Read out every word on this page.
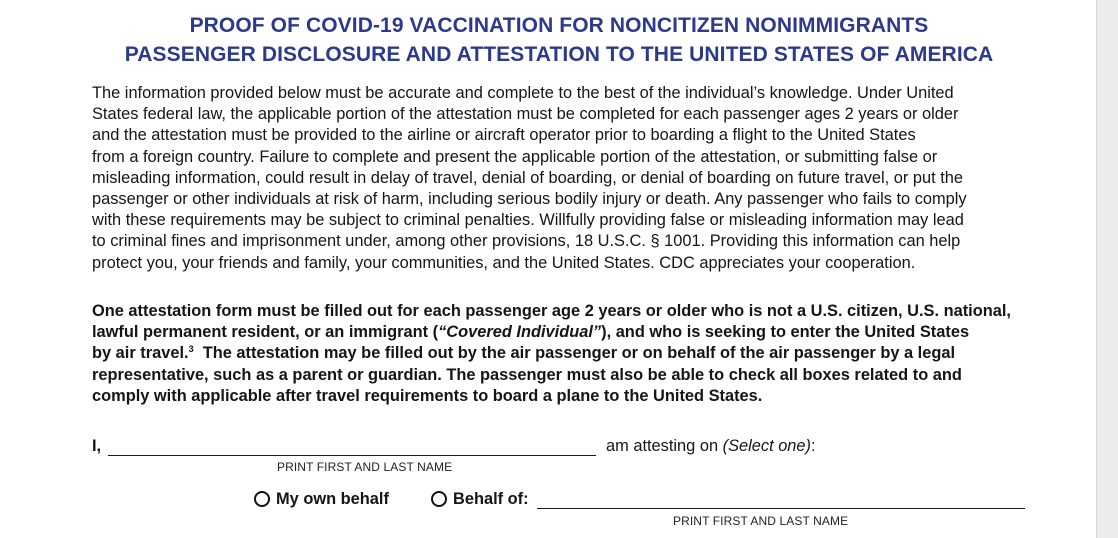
PROOF OF COVID-19 VACCINATION FOR NONCITIZEN NONIMMIGRANTS
PASSENGER DISCLOSURE AND ATTESTATION TO THE UNITED STATES OF AMERICA
The information provided below must be accurate and complete to the best of the individual’s knowledge. Under United
States federal law, the applicable portion of the attestation must be completed for each passenger ages 2 years or older
and the attestation must be provided to the airline or aircraft operator prior to boarding a flight to the United States
from a foreign country. Failure to complete and present the applicable portion of the attestation, or submitting false or
misleading information, could result in delay of travel, denial of boarding, or denial of boarding on future travel, or put the
passenger or other individuals at risk of harm, including serious bodily injury or death. Any passenger who fails to comply
with these requirements may be subject to criminal penalties. Willfully providing false or misleading information may lead
to criminal fines and imprisonment under, among other provisions, 18 U.S.C. § 1001. Providing this information can help
protect you, your friends and family, your communities, and the United States. CDC appreciates your cooperation.
One attestation form must be filled out for each passenger age 2 years or older who is not a U.S. citizen, U.S. national,
lawful permanent resident, or an immigrant (“Covered Individual”), and who is seeking to enter the United States
by air travel.$^3$  The attestation may be filled out by the air passenger or on behalf of the air passenger by a legal
representative, such as a parent or guardian. The passenger must also be able to check all boxes related to and
comply with applicable after travel requirements to board a plane to the United States.
I,	am attesting on (Select one):
PRINT FIRST AND LAST NAME
My own behalf	Behalf of:
PRINT FIRST AND LAST NAME
